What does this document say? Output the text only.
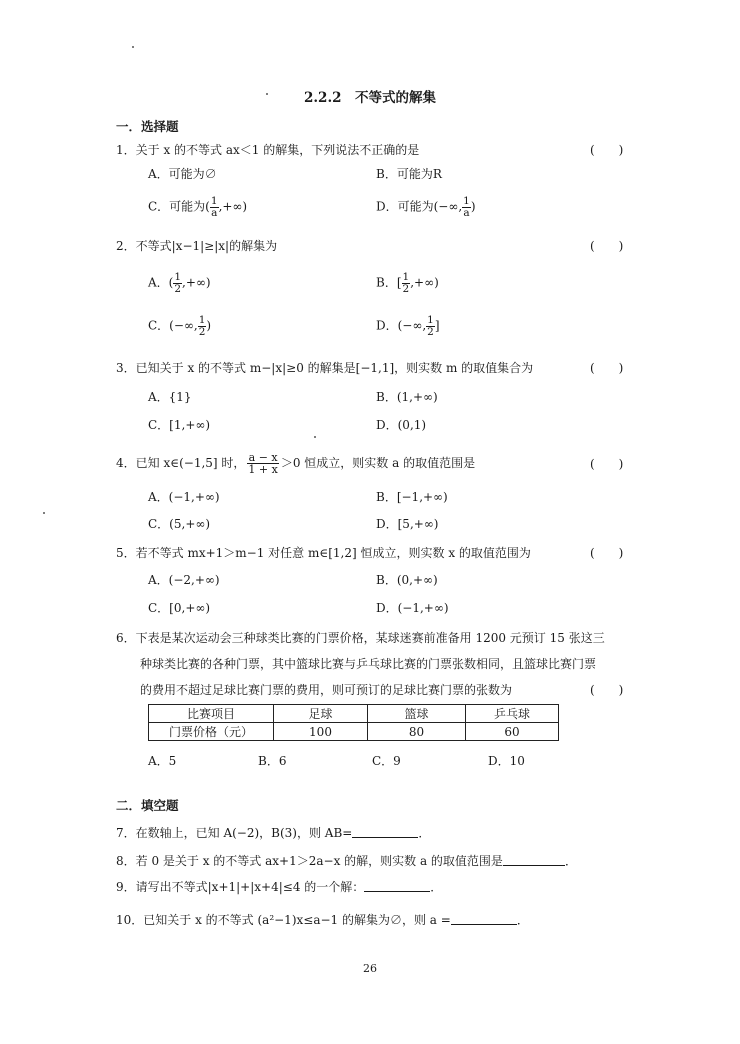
2.2.2　不等式的解集
一．选择题
1．关于 x 的不等式 ax＜1 的解集，下列说法不正确的是	(　　)
A．可能为∅	B．可能为R
C．可能为( $\frac{1}{a}$ ,+∞)	D．可能为(−∞, $\frac{1}{a}$ )
2．不等式|x−1|≥|x|的解集为	(　　)
A．( $\frac{1}{2}$ ,+∞)	B．[ $\frac{1}{2}$ ,+∞)
C．(−∞, $\frac{1}{2}$ )	D．(−∞, $\frac{1}{2}$ ]
3．已知关于 x 的不等式 m−|x|≥0 的解集是[−1,1]，则实数 m 的取值集合为	(　　)
A．{1}	B．(1,+∞)
C．[1,+∞)	D．(0,1)
4．已知 x∈(−1,5] 时， $\frac{a - x}{1 + x} >0$ 恒成立，则实数 a 的取值范围是	(　　)
A．(−1,+∞)	B．[−1,+∞)
C．(5,+∞)	D．[5,+∞)
5．若不等式 mx+1＞m−1 对任意 m∈[1,2] 恒成立，则实数 x 的取值范围为	(　　)
A．(−2,+∞)	B．(0,+∞)
C．[0,+∞)	D．(−1,+∞)
6．下表是某次运动会三种球类比赛的门票价格，某球迷赛前准备用 1200 元预订 15 张这三
种球类比赛的各种门票，其中篮球比赛与乒乓球比赛的门票张数相同，且篮球比赛门票
的费用不超过足球比赛门票的费用，则可预订的足球比赛门票的张数为	(　　)
比赛项目	足球	篮球	乒乓球
门票价格（元）	100	80	60
A．5	B．6	C．9	D．10
二．填空题
7．在数轴上，已知 A(−2)，B(3)，则 AB=	．
8．若 0 是关于 x 的不等式 ax+1＞2a−x 的解，则实数 a 的取值范围是	．
9．请写出不等式|x+1|+|x+4|≤4 的一个解：	．
10．已知关于 x 的不等式 (a²−1)x≤a−1 的解集为∅，则 a =	．
26
